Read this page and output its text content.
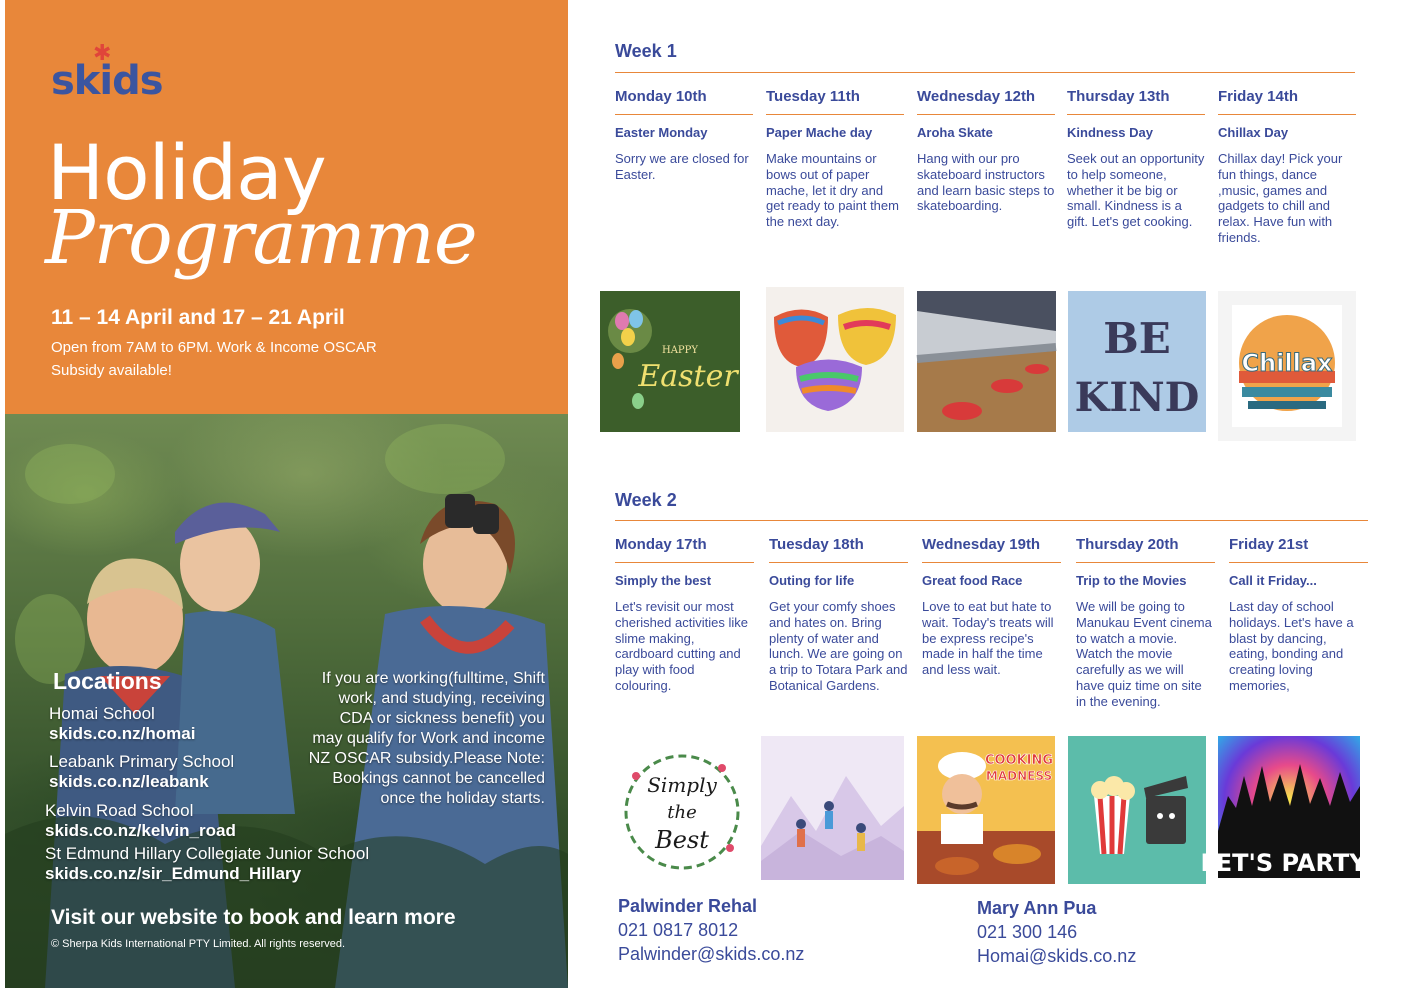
✱
skids
Holiday
Programme
11 – 14 April and 17 – 21 April
Open from 7AM to 6PM. Work & Income OSCAR Subsidy available!
Locations
Homai School
skids.co.nz/homai
Leabank Primary School
skids.co.nz/leabank
Kelvin Road School
skids.co.nz/kelvin_road
St Edmund Hillary Collegiate Junior School
skids.co.nz/sir_Edmund_Hillary
If you are working(fulltime, Shift work, and studying, receiving CDA or sickness benefit) you may qualify for Work and income NZ OSCAR subsidy.Please Note: Bookings cannot be cancelled once the holiday starts.
Visit our website to book and learn more
© Sherpa Kids International PTY Limited. All rights reserved.
Week 1
Monday 10th
Easter Monday
Sorry we are closed for Easter.
Tuesday 11th
Paper Mache day
Make mountains or bows out of paper mache, let it dry and get ready to paint them the next day.
Wednesday 12th
Aroha Skate
Hang with our pro skateboard instructors and learn basic steps to skateboarding.
Thursday 13th
Kindness Day
Seek out an opportunity to help someone, whether it be big or small. Kindness is a gift. Let's get cooking.
Friday 14th
Chillax Day
Chillax day! Pick your fun things, dance ,music, games and gadgets to chill and relax. Have fun with friends.
HAPPY
Easter
BE
KIND
Chillax
Week 2
Monday 17th
Simply the best
Let's revisit our most cherished activities like slime making, cardboard cutting and play with food colouring.
Tuesday 18th
Outing for life
Get your comfy shoes and hates on. Bring plenty of water and lunch. We are going on a trip to Totara Park and Botanical Gardens.
Wednesday 19th
Great food Race
Love to eat but hate to wait. Today's treats will be express recipe's made in half the time and less wait.
Thursday 20th
Trip to the Movies
We will be going to Manukau Event cinema to watch a movie. Watch the movie carefully as we will have quiz time on site in the evening.
Friday 21st
Call it Friday...
Last day of school holidays. Let's have a blast by dancing, eating, bonding and creating loving memories,
Simply
the
Best
COOKING
MADNESS
LET'S PARTY!
Palwinder Rehal
021 0817 8012
Palwinder@skids.co.nz
Mary Ann Pua
021 300 146
Homai@skids.co.nz
